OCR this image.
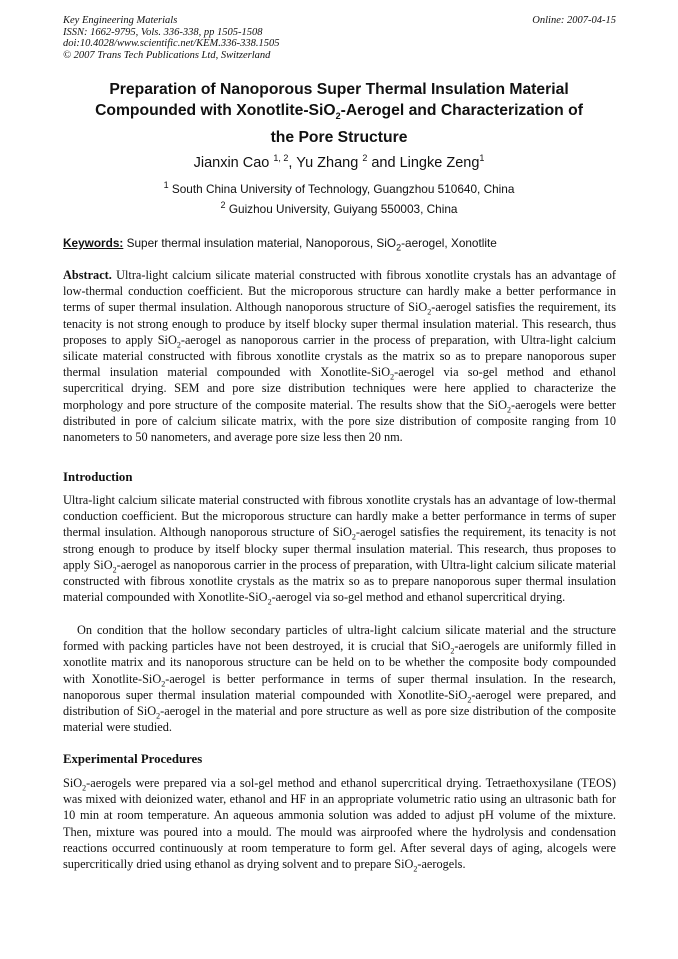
Key Engineering Materials
ISSN: 1662-9795, Vols. 336-338, pp 1505-1508
doi:10.4028/www.scientific.net/KEM.336-338.1505
© 2007 Trans Tech Publications Ltd, Switzerland
Online: 2007-04-15
Preparation of Nanoporous Super Thermal Insulation Material
Compounded with Xonotlite-SiO$_2$-Aerogel and Characterization of
the Pore Structure
Jianxin Cao $^{1, 2}$, Yu Zhang $^2$ and Lingke Zeng$^1$
$^1$ South China University of Technology, Guangzhou 510640, China
$^2$ Guizhou University, Guiyang 550003, China
Keywords: Super thermal insulation material, Nanoporous, SiO$_2$-aerogel, Xonotlite
Abstract. Ultra-light calcium silicate material constructed with fibrous xonotlite crystals has an advantage of low-thermal conduction coefficient. But the microporous structure can hardly make a better performance in terms of super thermal insulation. Although nanoporous structure of SiO$_2$-aerogel satisfies the requirement, its tenacity is not strong enough to produce by itself blocky super thermal insulation material. This research, thus proposes to apply SiO$_2$-aerogel as nanoporous carrier in the process of preparation, with Ultra-light calcium silicate material constructed with fibrous xonotlite crystals as the matrix so as to prepare nanoporous super thermal insulation material compounded with Xonotlite-SiO$_2$-aerogel via so-gel method and ethanol supercritical drying. SEM and pore size distribution techniques were here applied to characterize the morphology and pore structure of the composite material. The results show that the SiO$_2$-aerogels were better distributed in pore of calcium silicate matrix, with the pore size distribution of composite ranging from 10 nanometers to 50 nanometers, and average pore size less then 20 nm.
Introduction
Ultra-light calcium silicate material constructed with fibrous xonotlite crystals has an advantage of low-thermal conduction coefficient. But the microporous structure can hardly make a better performance in terms of super thermal insulation. Although nanoporous structure of SiO$_2$-aerogel satisfies the requirement, its tenacity is not strong enough to produce by itself blocky super thermal insulation material. This research, thus proposes to apply SiO$_2$-aerogel as nanoporous carrier in the process of preparation, with Ultra-light calcium silicate material constructed with fibrous xonotlite crystals as the matrix so as to prepare nanoporous super thermal insulation material compounded with Xonotlite-SiO$_2$-aerogel via so-gel method and ethanol supercritical drying.
On condition that the hollow secondary particles of ultra-light calcium silicate material and the structure formed with packing particles have not been destroyed, it is crucial that SiO$_2$-aerogels are uniformly filled in xonotlite matrix and its nanoporous structure can be held on to be whether the composite body compounded with Xonotlite-SiO$_2$-aerogel is better performance in terms of super thermal insulation. In the research, nanoporous super thermal insulation material compounded with Xonotlite-SiO$_2$-aerogel were prepared, and distribution of SiO$_2$-aerogel in the material and pore structure as well as pore size distribution of the composite material were studied.
Experimental Procedures
SiO$_2$-aerogels were prepared via a sol-gel method and ethanol supercritical drying. Tetraethoxysilane (TEOS) was mixed with deionized water, ethanol and HF in an appropriate volumetric ratio using an ultrasonic bath for 10 min at room temperature. An aqueous ammonia solution was added to adjust pH volume of the mixture. Then, mixture was poured into a mould. The mould was airproofed where the hydrolysis and condensation reactions occurred continuously at room temperature to form gel. After several days of aging, alcogels were supercritically dried using ethanol as drying solvent and to prepare SiO$_2$-aerogels.
